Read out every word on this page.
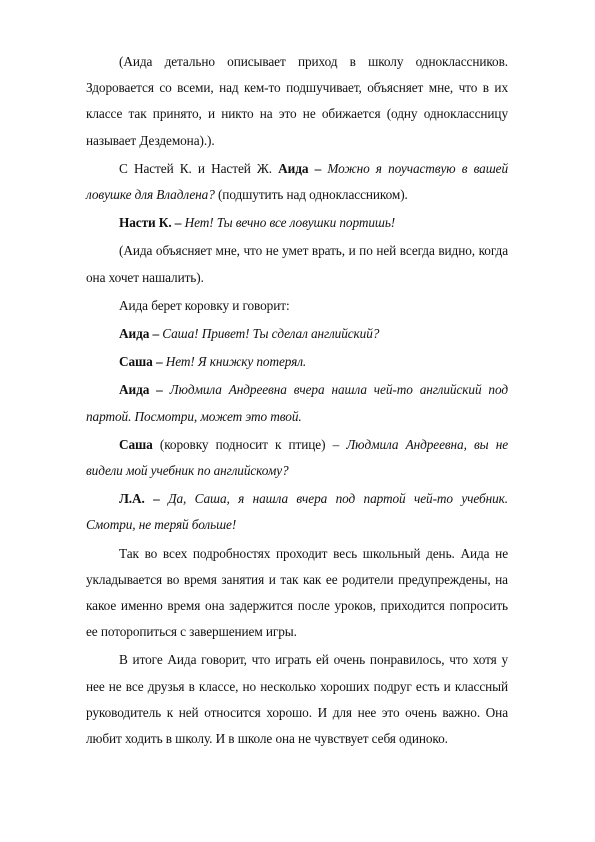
(Аида детально описывает приход в школу одноклассников. Здоровается со всеми, над кем-то подшучивает, объясняет мне, что в их классе так принято, и никто на это не обижается (одну одноклассницу называет Дездемона).).

С Настей К. и Настей Ж. Аида – Можно я поучаствую в вашей ловушке для Владлена? (подшутить над одноклассником).

Насти К. – Нет! Ты вечно все ловушки портишь!

(Аида объясняет мне, что не умет врать, и по ней всегда видно, когда она хочет нашалить).

Аида берет коровку и говорит:

Аида – Саша! Привет! Ты сделал английский?

Саша – Нет! Я книжку потерял.

Аида – Людмила Андреевна вчера нашла чей-то английский под партой. Посмотри, может это твой.

Саша (коровку подносит к птице) – Людмила Андреевна, вы не видели мой учебник по английскому?

Л.А. – Да, Саша, я нашла вчера под партой чей-то учебник. Смотри, не теряй больше!

Так во всех подробностях проходит весь школьный день. Аида не укладывается во время занятия и так как ее родители предупреждены, на какое именно время она задержится после уроков, приходится попросить ее поторопиться с завершением игры.

В итоге Аида говорит, что играть ей очень понравилось, что хотя у нее не все друзья в классе, но несколько хороших подруг есть и классный руководитель к ней относится хорошо. И для нее это очень важно. Она любит ходить в школу. И в школе она не чувствует себя одиноко.
